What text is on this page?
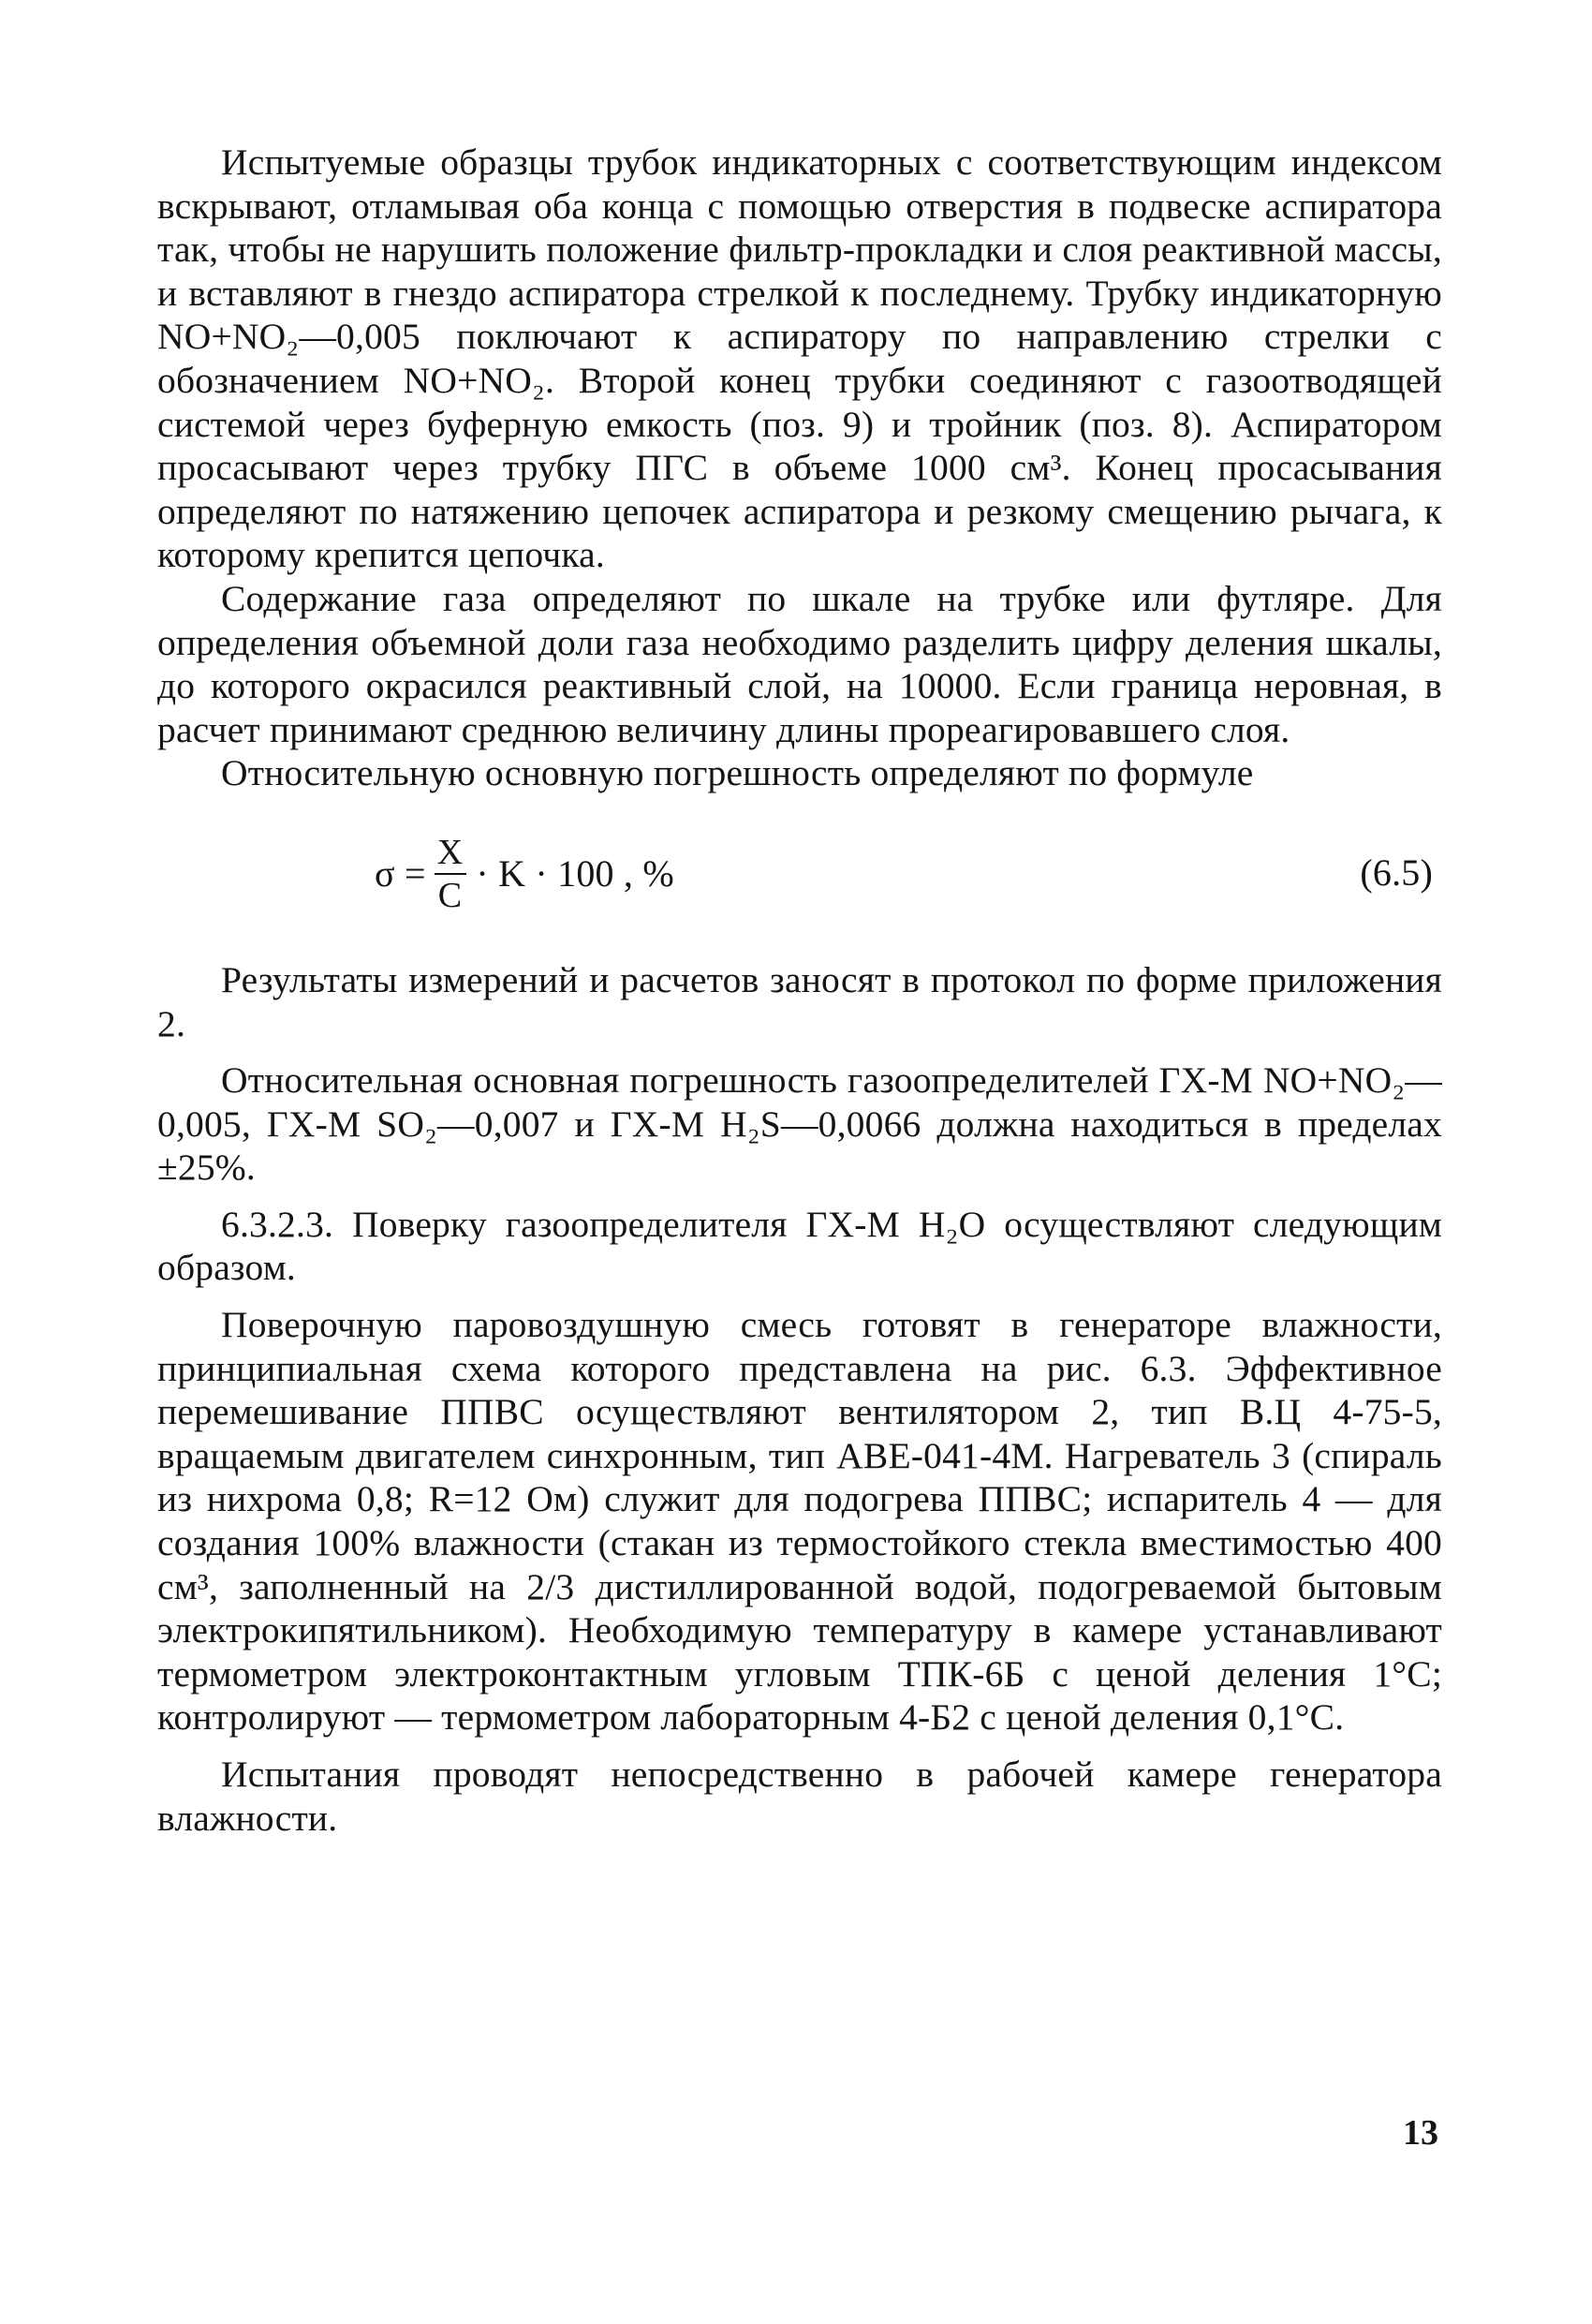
Испытуемые образцы трубок индикаторных с соответствующим индексом вскрывают, отламывая оба конца с помощью отверстия в подвеске аспиратора так, чтобы не нарушить положение фильтр-прокладки и слоя реактивной массы, и вставляют в гнездо аспиратора стрелкой к последнему. Трубку индикаторную NO+NO₂—0,005 поключают к аспиратору по направлению стрелки с обозначением NO+NO₂. Второй конец трубки соединяют с газоотводящей системой через буферную емкость (поз. 9) и тройник (поз. 8). Аспиратором просасывают через трубку ПГС в объеме 1000 см³. Конец просасывания определяют по натяжению цепочек аспиратора и резкому смещению рычага, к которому крепится цепочка.

Содержание газа определяют по шкале на трубке или футляре. Для определения объемной доли газа необходимо разделить цифру деления шкалы, до которого окрасился реактивный слой, на 10000. Если граница неровная, в расчет принимают среднюю величину длины прореагировавшего слоя.

Относительную основную погрешность определяют по формуле

$\sigma = \frac{X}{C} \cdot K \cdot 100$ , %	(6.5)

Результаты измерений и расчетов заносят в протокол по форме приложения 2.

Относительная основная погрешность газоопределителей ГХ-М NO+NO₂—0,005, ГХ-М SO₂—0,007 и ГХ-М H₂S—0,0066 должна находиться в пределах ±25%.

6.3.2.3. Поверку газоопределителя ГХ-М H₂O осуществляют следующим образом.

Поверочную паровоздушную смесь готовят в генераторе влажности, принципиальная схема которого представлена на рис. 6.3. Эффективное перемешивание ППВС осуществляют вентилятором 2, тип В.Ц 4-75-5, вращаемым двигателем синхронным, тип АВЕ-041-4М. Нагреватель 3 (спираль из нихрома 0,8; R=12 Ом) служит для подогрева ППВС; испаритель 4 — для создания 100% влажности (стакан из термостойкого стекла вместимостью 400 см³, заполненный на 2/3 дистиллированной водой, подогреваемой бытовым электрокипятильником). Необходимую температуру в камере устанавливают термометром электроконтактным угловым ТПК-6Б с ценой деления 1°С; контролируют — термометром лабораторным 4-Б2 с ценой деления 0,1°С.

Испытания проводят непосредственно в рабочей камере генератора влажности.

13
